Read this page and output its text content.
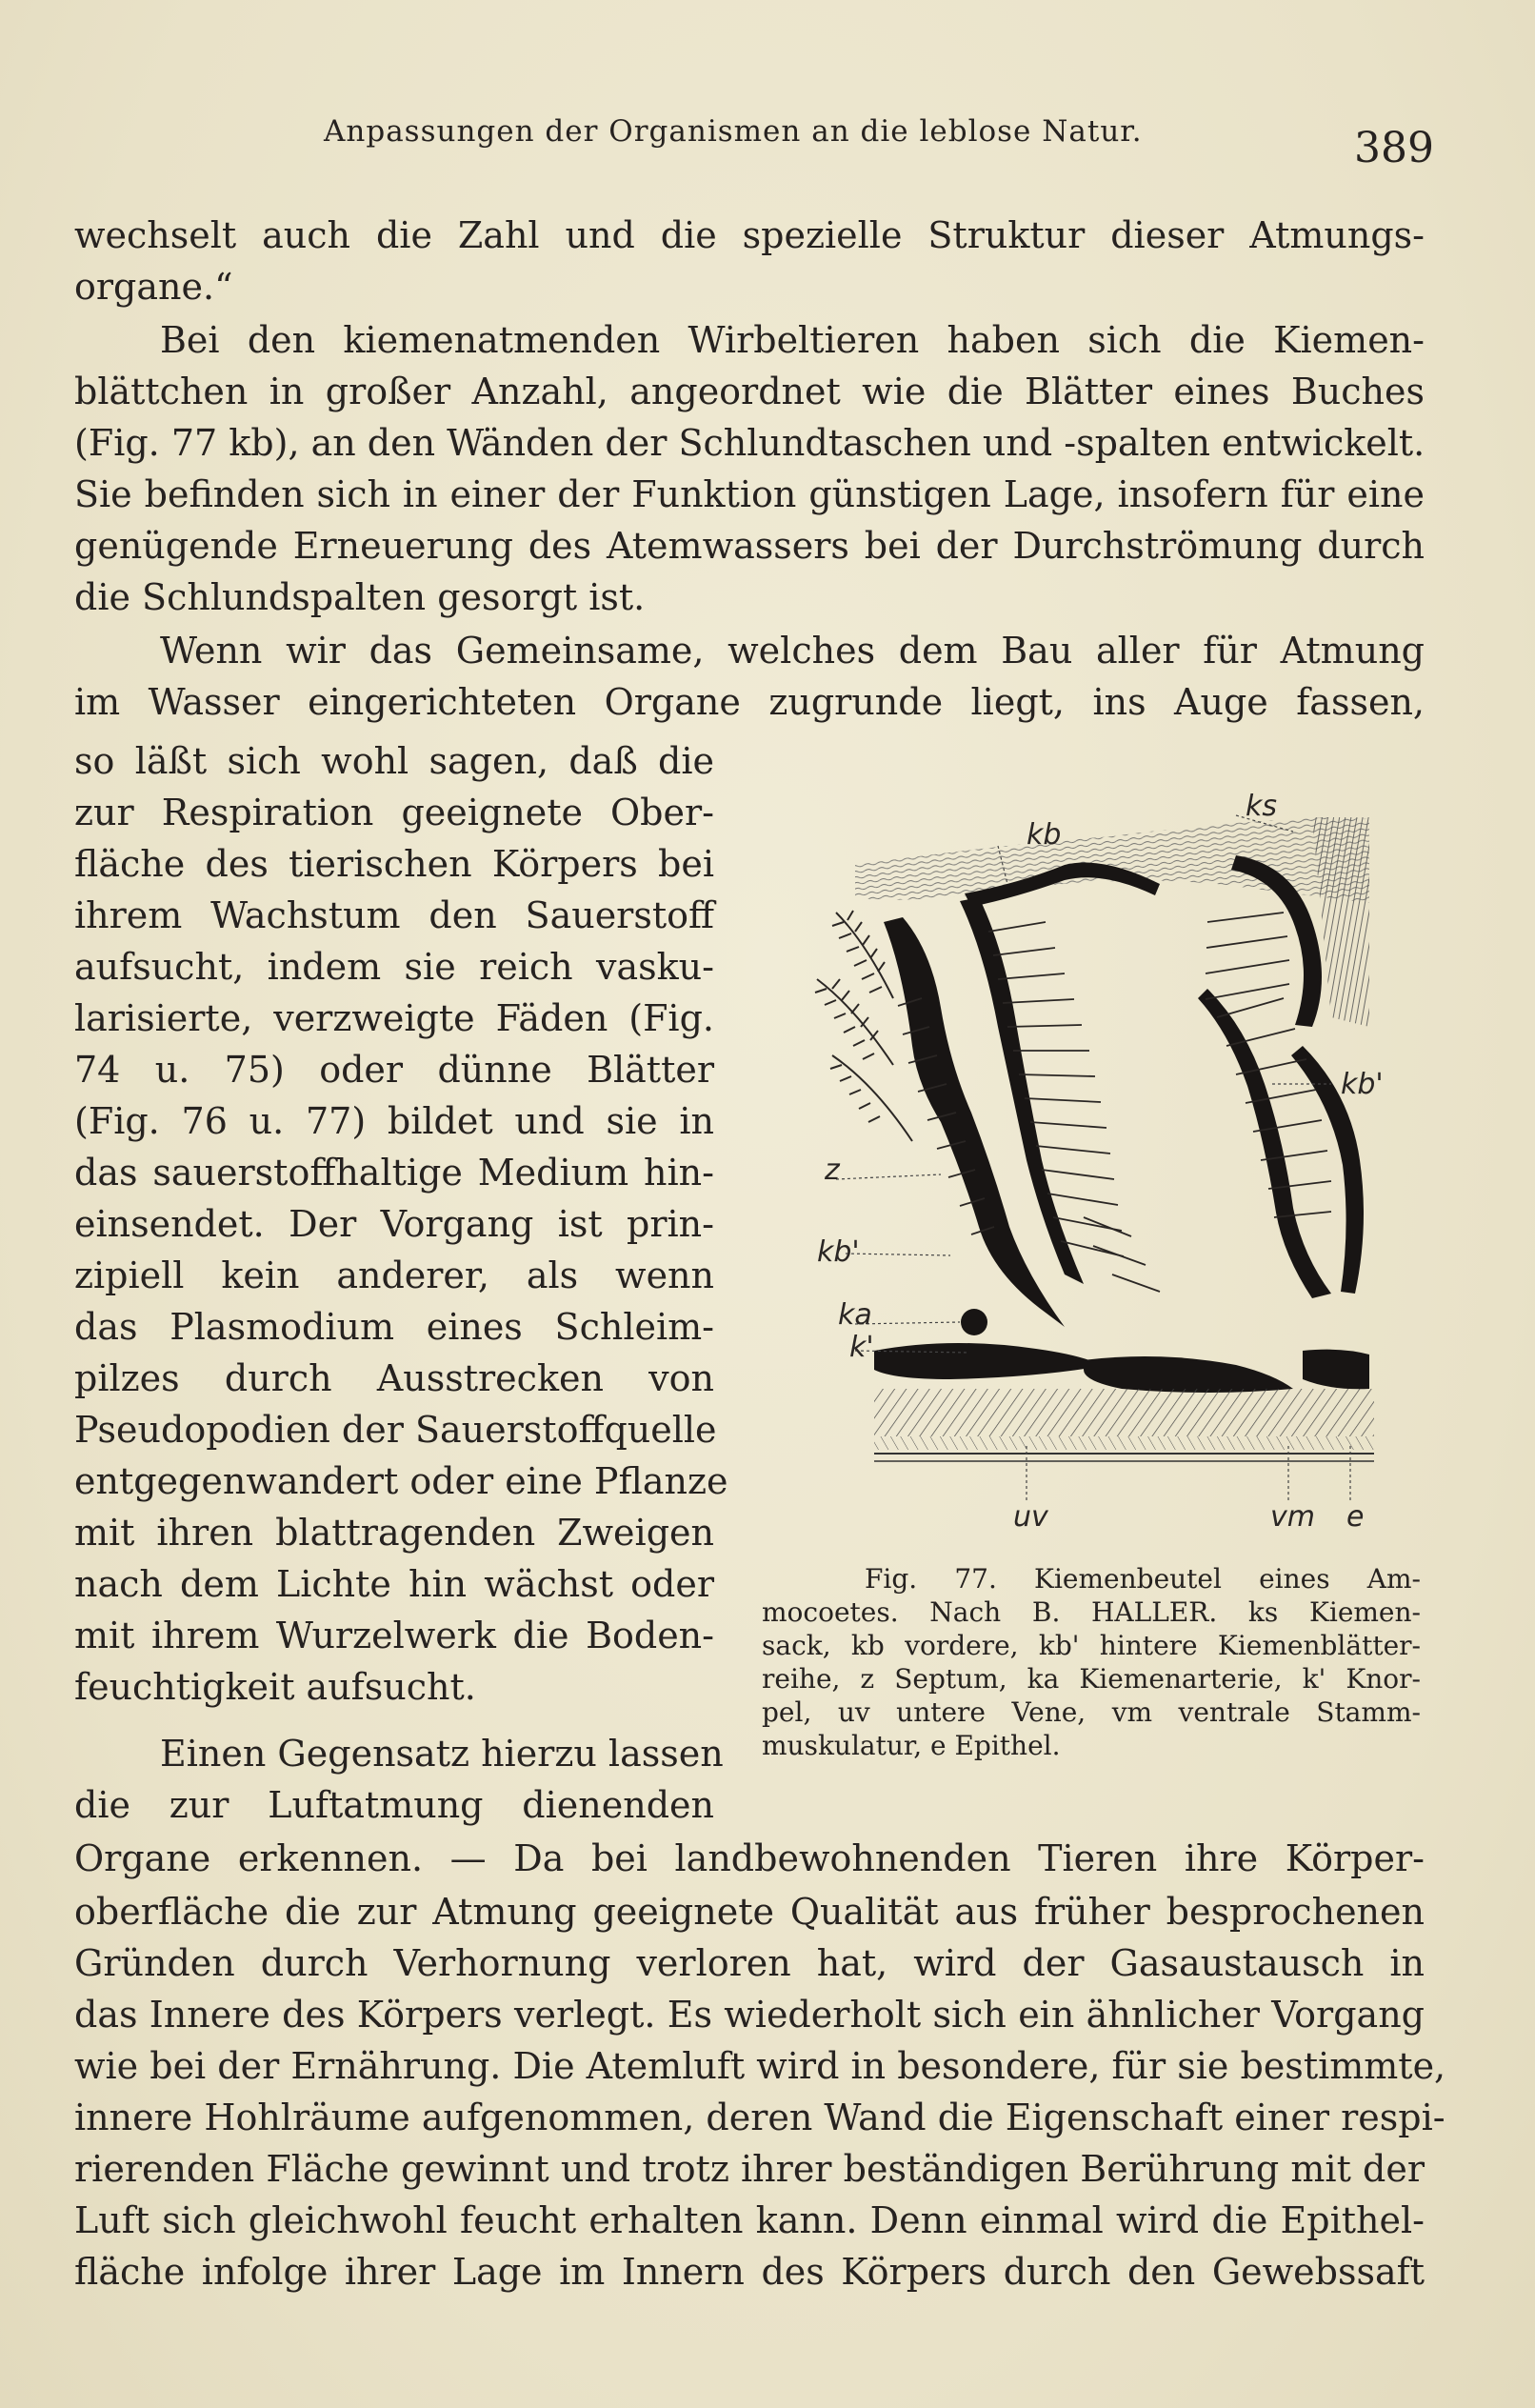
Anpassungen der Organismen an die leblose Natur.	389
wechselt auch die Zahl und die spezielle Struktur dieser Atmungs-
organe.“
Bei den kiemenatmenden Wirbeltieren haben sich die Kiemen-
blättchen in großer Anzahl, angeordnet wie die Blätter eines Buches
(Fig. 77 kb), an den Wänden der Schlundtaschen und -spalten entwickelt.
Sie befinden sich in einer der Funktion günstigen Lage, insofern für eine
genügende Erneuerung des Atemwassers bei der Durchströmung durch
die Schlundspalten gesorgt ist.
Wenn wir das Gemeinsame, welches dem Bau aller für Atmung
im Wasser eingerichteten Organe zugrunde liegt, ins Auge fassen,
so läßt sich wohl sagen, daß die
zur Respiration geeignete Ober-
fläche des tierischen Körpers bei
ihrem Wachstum den Sauerstoff
aufsucht, indem sie reich vasku-
larisierte, verzweigte Fäden (Fig.
74 u. 75) oder dünne Blätter
(Fig. 76 u. 77) bildet und sie in
das sauerstoffhaltige Medium hin-
einsendet. Der Vorgang ist prin-
zipiell kein anderer, als wenn
das Plasmodium eines Schleim-
pilzes durch Ausstrecken von
Pseudopodien der Sauerstoffquelle
entgegenwandert oder eine Pflanze
mit ihren blattragenden Zweigen
nach dem Lichte hin wächst oder
mit ihrem Wurzelwerk die Boden-
feuchtigkeit aufsucht.
Einen Gegensatz hierzu lassen
die zur Luftatmung dienenden
Organe erkennen. — Da bei landbewohnenden Tieren ihre Körper-
oberfläche die zur Atmung geeignete Qualität aus früher besprochenen
Gründen durch Verhornung verloren hat, wird der Gasaustausch in
das Innere des Körpers verlegt. Es wiederholt sich ein ähnlicher Vorgang
wie bei der Ernährung. Die Atemluft wird in besondere, für sie bestimmte,
innere Hohlräume aufgenommen, deren Wand die Eigenschaft einer respi-
rierenden Fläche gewinnt und trotz ihrer beständigen Berührung mit der
Luft sich gleichwohl feucht erhalten kann. Denn einmal wird die Epithel-
fläche infolge ihrer Lage im Innern des Körpers durch den Gewebssaft
ks
kb
kb'
z
kb'
ka
k'
uv	vm e
Fig. 77. Kiemenbeutel eines Am-
mocoetes. Nach B. HALLER. ks Kiemen-
sack, kb vordere, kb' hintere Kiemenblätter-
reihe, z Septum, ka Kiemenarterie, k' Knor-
pel, uv untere Vene, vm ventrale Stamm-
muskulatur, e Epithel.
